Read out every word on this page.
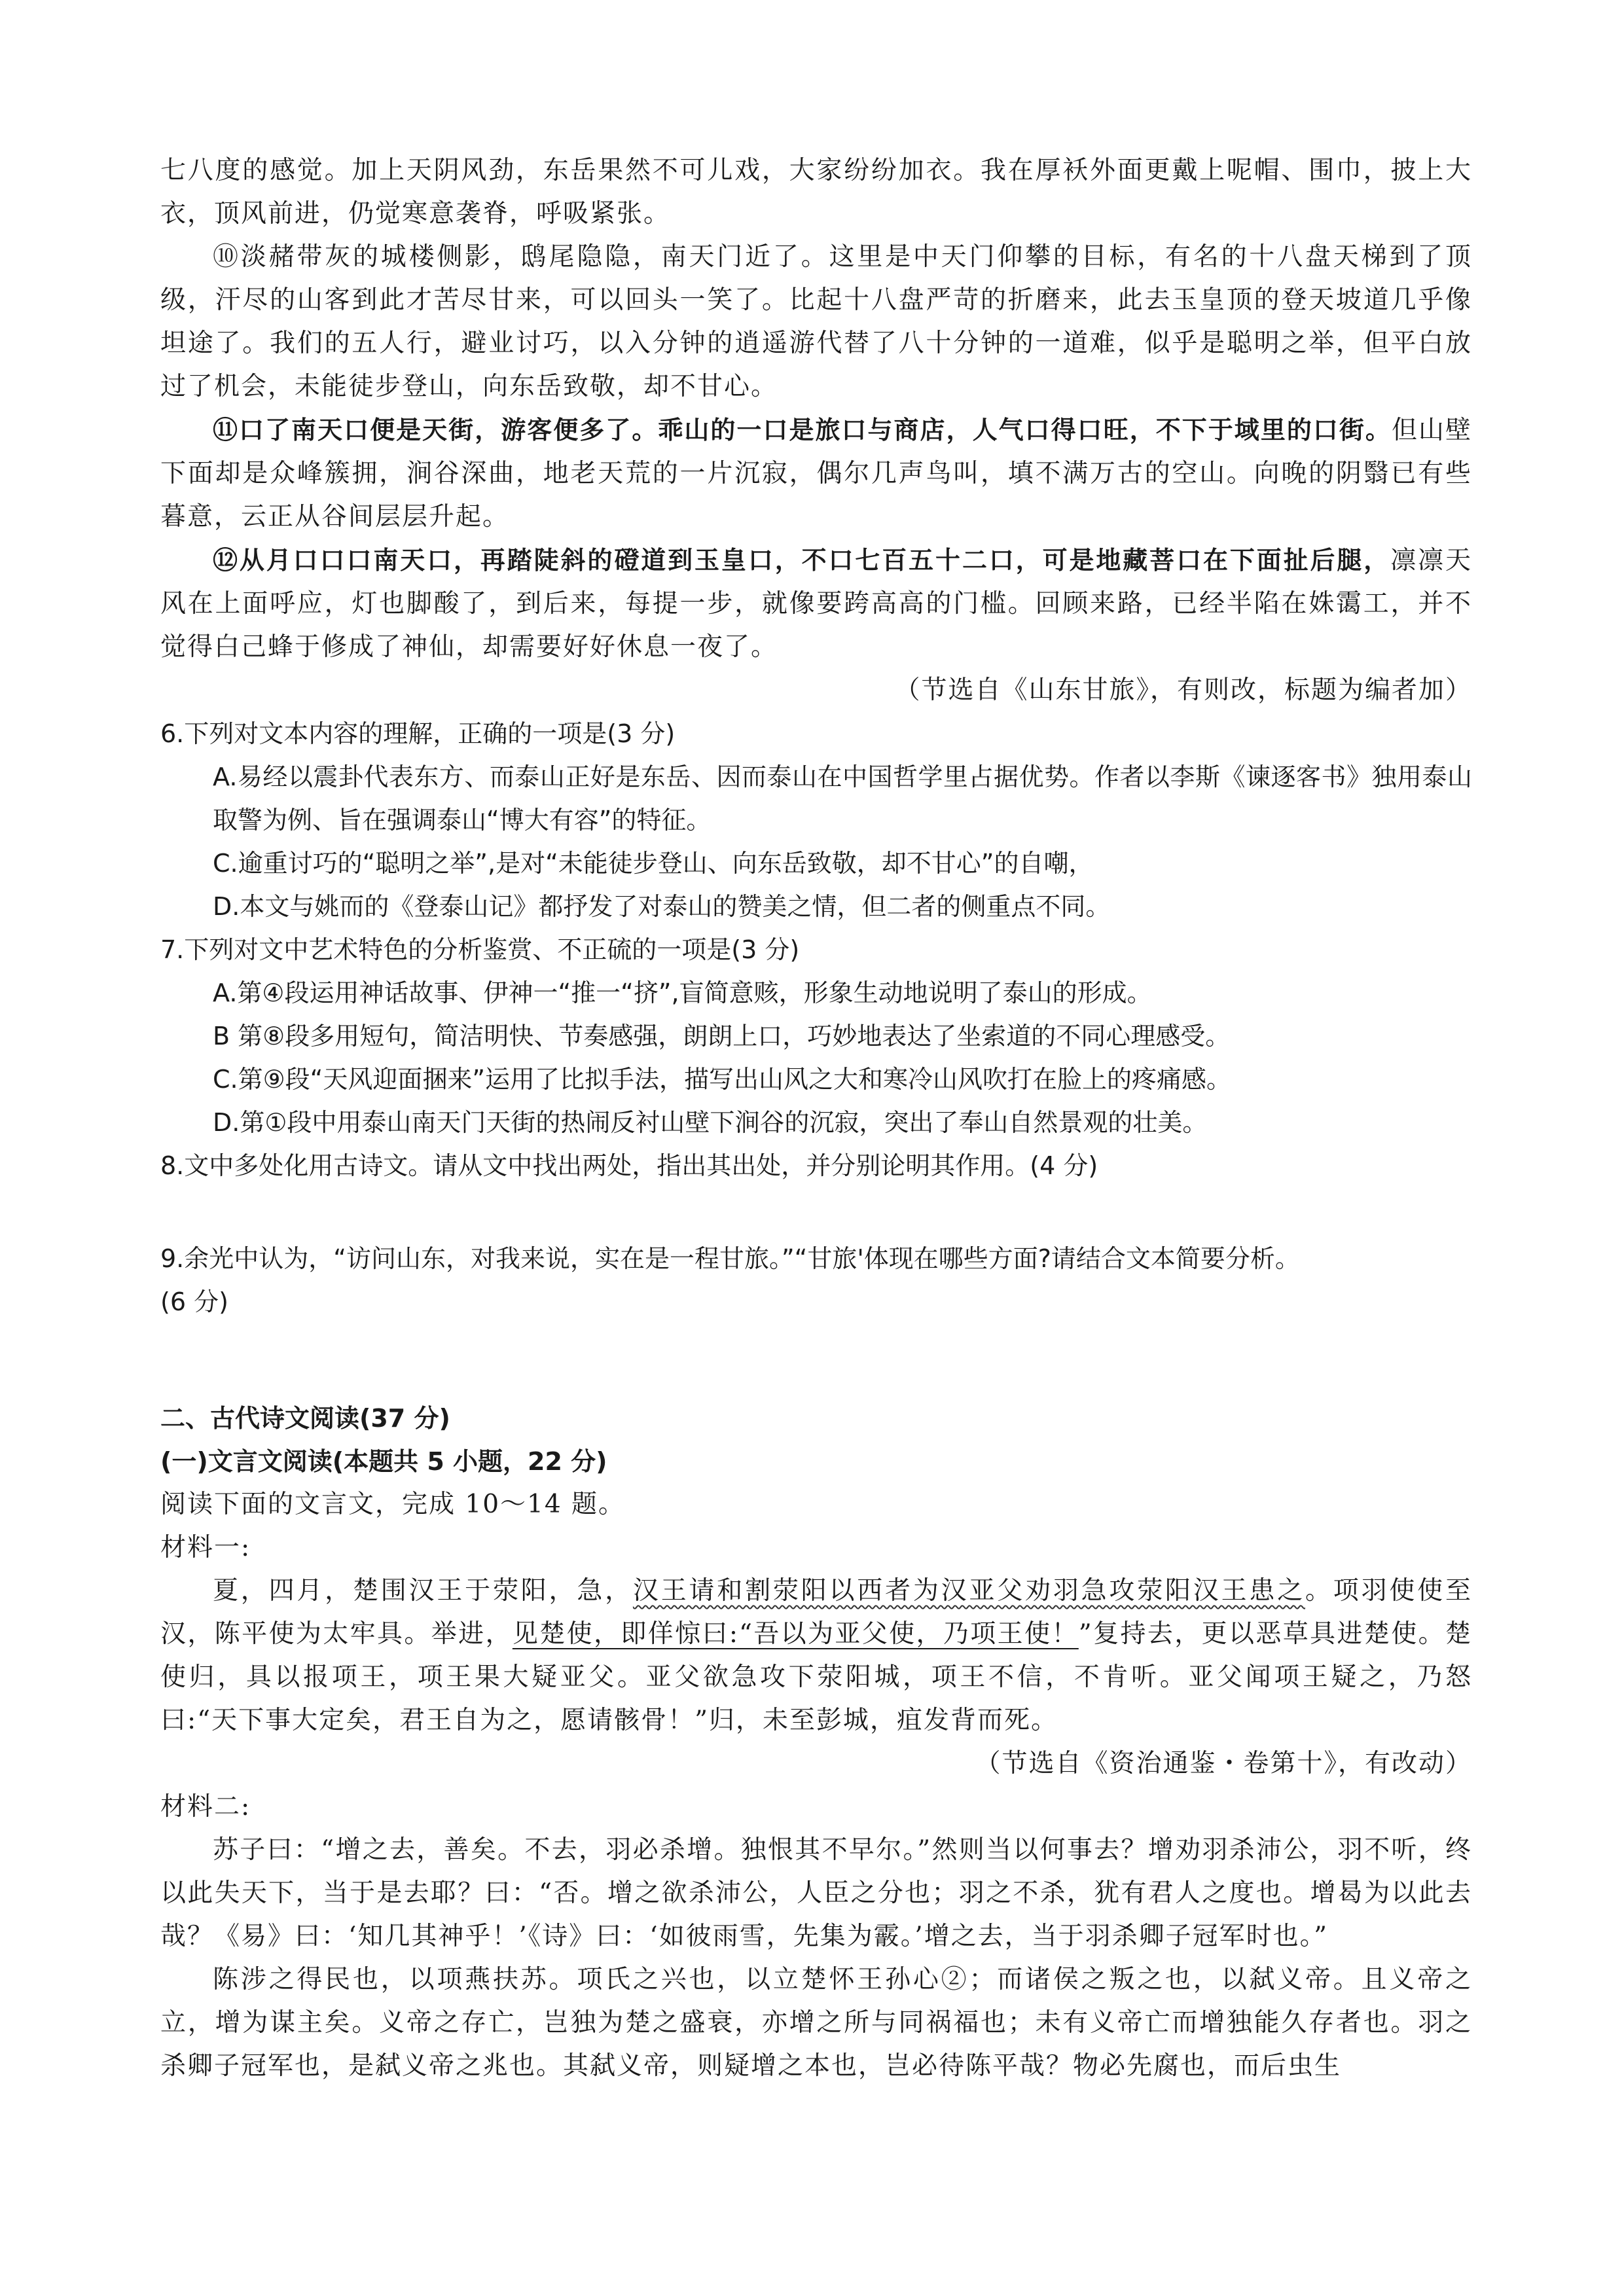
七八度的感觉。加上天阴风劲，东岳果然不可儿戏，大家纷纷加衣。我在厚袄外面更戴上呢帽、围巾，披上大衣，顶风前进，仍觉寒意袭脊，呼吸紧张。

⑩淡赭带灰的城楼侧影，鸱尾隐隐，南天门近了。这里是中天门仰攀的目标，有名的十八盘天梯到了顶级，汗尽的山客到此才苦尽甘来，可以回头一笑了。比起十八盘严苛的折磨来，此去玉皇顶的登天坡道几乎像坦途了。我们的五人行，避业讨巧，以入分钟的逍遥游代替了八十分钟的一道难，似乎是聪明之举，但平白放过了机会，未能徒步登山，向东岳致敬，却不甘心。

⑪口了南天口便是天街，游客便多了。乖山的一口是旅口与商店，人气口得口旺，不下于域里的口街。但山壁下面却是众峰簇拥，涧谷深曲，地老天荒的一片沉寂，偶尔几声鸟叫，填不满万古的空山。向晚的阴翳已有些暮意，云正从谷间层层升起。

⑫从月口口口南天口，再踏陡斜的磴道到玉皇口，不口七百五十二口，可是地藏菩口在下面扯后腿，凛凛天风在上面呼应，灯也脚酸了，到后来，每提一步，就像要跨高高的门槛。回顾来路，已经半陷在姝霭工，并不觉得白己蜂于修成了神仙，却需要好好休息一夜了。

（节选自《山东甘旅》，有则改，标题为编者加）

6.下列对文本内容的理解，正确的一项是(3 分)

A.易经以震卦代表东方、而泰山正好是东岳、因而泰山在中国哲学里占据优势。作者以李斯《谏逐客书》独用泰山取警为例、旨在强调泰山“博大有容”的特征。

C.逾重讨巧的“聪明之举”,是对“未能徒步登山、向东岳致敬，却不甘心”的自嘲，

D.本文与姚而的《登泰山记》都抒发了对泰山的赞美之情，但二者的侧重点不同。

7.下列对文中艺术特色的分析鉴赏、不正硫的一项是(3 分)

A.第④段运用神话故事、伊神一“推一“挤”,盲简意赅，形象生动地说明了泰山的形成。

B 第⑧段多用短句，简洁明快、节奏感强，朗朗上口，巧妙地表达了坐索道的不同心理感受。

C.第⑨段“天风迎面捆来”运用了比拟手法，描写出山风之大和寒冷山风吹打在脸上的疼痛感。

D.第①段中用泰山南天门天街的热闹反衬山壁下涧谷的沉寂，突出了奉山自然景观的壮美。

8.文中多处化用古诗文。请从文中找出两处，指出其出处，并分别论明其作用。(4 分)

9.余光中认为，“访问山东，对我来说，实在是一程甘旅。”“甘旅'体现在哪些方面?请结合文本简要分析。

(6 分)

二、古代诗文阅读(37 分)

(一)文言文阅读(本题共 5 小题，22 分)

阅读下面的文言文，完成 10～14 题。

材料一:

夏，四月，楚围汉王于荥阳，急，汉王请和割荥阳以西者为汉亚父劝羽急攻荥阳汉王患之。项羽使使至汉，陈平使为太牢具。举进，见楚使，即佯惊曰:“吾以为亚父使，乃项王使！”复持去，更以恶草具进楚使。楚使归，具以报项王，项王果大疑亚父。亚父欲急攻下荥阳城，项王不信，不肯听。亚父闻项王疑之，乃怒曰:“天下事大定矣，君王自为之，愿请骸骨！”归，未至彭城，疽发背而死。

（节选自《资治通鉴・卷第十》，有改动）

材料二:

苏子曰：“增之去，善矣。不去，羽必杀增。独恨其不早尔。”然则当以何事去？增劝羽杀沛公，羽不听，终以此失天下，当于是去耶？曰：“否。增之欲杀沛公，人臣之分也；羽之不杀，犹有君人之度也。增曷为以此去哉？《易》曰：‘知几其神乎！’《诗》曰：‘如彼雨雪，先集为霰。’增之去，当于羽杀卿子冠军时也。”

陈涉之得民也，以项燕扶苏。项氏之兴也，以立楚怀王孙心②；而诸侯之叛之也，以弑义帝。且义帝之立，增为谋主矣。义帝之存亡，岂独为楚之盛衰，亦增之所与同祸福也；未有义帝亡而增独能久存者也。羽之杀卿子冠军也，是弑义帝之兆也。其弑义帝，则疑增之本也，岂必待陈平哉？物必先腐也，而后虫生
